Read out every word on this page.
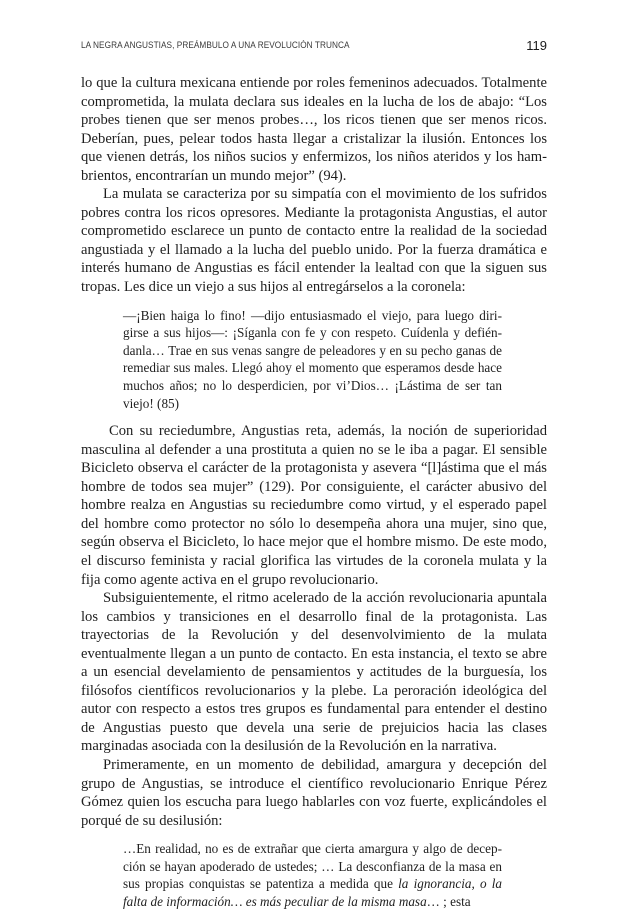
LA NEGRA ANGUSTIAS, PREÁMBULO A UNA REVOLUCIÓN TRUNCA	119

lo que la cultura mexicana entiende por roles femeninos adecuados. Totalmente comprometida, la mulata declara sus ideales en la lucha de los de abajo: “Los probes tienen que ser menos probes…, los ricos tienen que ser menos ricos. Deberían, pues, pelear todos hasta llegar a cristalizar la ilusión. Entonces los que vienen detrás, los niños sucios y enfermizos, los niños ateridos y los hambrientos, encontrarían un mundo mejor” (94).

La mulata se caracteriza por su simpatía con el movimiento de los sufridos pobres contra los ricos opresores. Mediante la protagonista Angustias, el autor comprometido esclarece un punto de contacto entre la realidad de la sociedad angustiada y el llamado a la lucha del pueblo unido. Por la fuerza dramática e interés humano de Angustias es fácil entender la lealtad con que la siguen sus tropas. Les dice un viejo a sus hijos al entregárselos a la coronela:

—¡Bien haiga lo fino! —dijo entusiasmado el viejo, para luego dirigirse a sus hijos—: ¡Síganla con fe y con respeto. Cuídenla y defiéndanla… Trae en sus venas sangre de peleadores y en su pecho ganas de remediar sus males. Llegó ahoy el momento que esperamos desde hace muchos años; no lo desperdicien, por vi’Dios… ¡Lástima de ser tan viejo! (85)

Con su reciedumbre, Angustias reta, además, la noción de superioridad masculina al defender a una prostituta a quien no se le iba a pagar. El sensible Bicicleto observa el carácter de la protagonista y asevera “[l]ástima que el más hombre de todos sea mujer” (129). Por consiguiente, el carácter abusivo del hombre realza en Angustias su reciedumbre como virtud, y el esperado papel del hombre como protector no sólo lo desempeña ahora una mujer, sino que, según observa el Bicicleto, lo hace mejor que el hombre mismo. De este modo, el discurso feminista y racial glorifica las virtudes de la coronela mulata y la fija como agente activa en el grupo revolucionario.

Subsiguientemente, el ritmo acelerado de la acción revolucionaria apuntala los cambios y transiciones en el desarrollo final de la protagonista. Las trayectorias de la Revolución y del desenvolvimiento de la mulata eventualmente llegan a un punto de contacto. En esta instancia, el texto se abre a un esencial develamiento de pensamientos y actitudes de la burguesía, los filósofos científicos revolucionarios y la plebe. La peroración ideológica del autor con respecto a estos tres grupos es fundamental para entender el destino de Angustias puesto que devela una serie de prejuicios hacia las clases marginadas asociada con la desilusión de la Revolución en la narrativa.

Primeramente, en un momento de debilidad, amargura y decepción del grupo de Angustias, se introduce el científico revolucionario Enrique Pérez Gómez quien los escucha para luego hablarles con voz fuerte, explicándoles el porqué de su desilusión:

…En realidad, no es de extrañar que cierta amargura y algo de decepción se hayan apoderado de ustedes; … La desconfianza de la masa en sus propias conquistas se patentiza a medida que la ignorancia, o la falta de información… es más peculiar de la misma masa… ; esta
